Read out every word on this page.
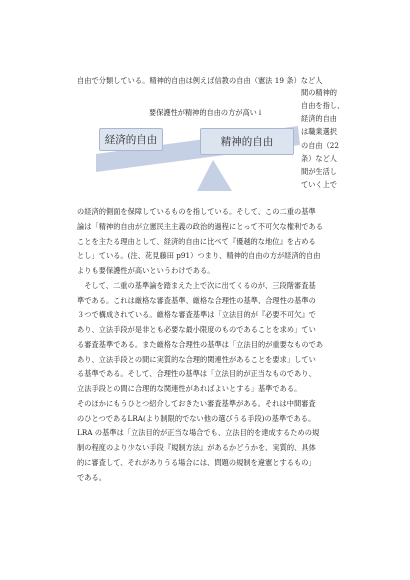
自由で分類している。精神的自由は例えば信教の自由（憲法 19 条）など人
間の精神的
自由を指し、
経済的自由
は職業選択
の自由（22
条）など人
間が生活し
ていく上で
要保護性が精神的自由の方が高い↓
経済的自由	精神的自由
の経済的側面を保障しているものを指している。そして、この二重の基準
論は「精神的自由が立憲民主主義の政治的過程にとって不可欠な権利である
ことを主たる理由として、経済的自由に比べて『優越的な地位』を占める
とし」ている。(注、花見藤田 p91）つまり、精神的自由の方が経済的自由
よりも要保護性が高いというわけである。
　そして、二重の基準論を踏まえた上で次に出てくるのが、三段階審査基
準である。これは厳格な審査基準、厳格な合理性の基準、合理性の基準の
３つで構成されている。厳格な審査基準は「立法目的が『必要不可欠』で
あり、立法手段が是非とも必要な最小限度のものであることを求め」てい
る審査基準である。また厳格な合理性の基準は「立法目的が重要なものであ
あり、立法手段との間に実質的な合理的関連性があることを要求」してい
る基準である。そして、合理性の基準は「立法目的が正当なものであり、
立法手段との間に合理的な関連性があればよいとする」基準である。
そのほかにもうひとつ紹介しておきたい審査基準がある。それは中間審査
のひとつであるLRA(より制限的でない他の選びうる手段)の基準である。
LRA の基準は「立法目的が正当な場合でも、立法目的を達成するための規
制の程度のより少ない手段『規制方法』があるかどうかを、実質的、具体
的に審査して、それがありうる場合には、問題の規制を違憲とするもの」
である。
